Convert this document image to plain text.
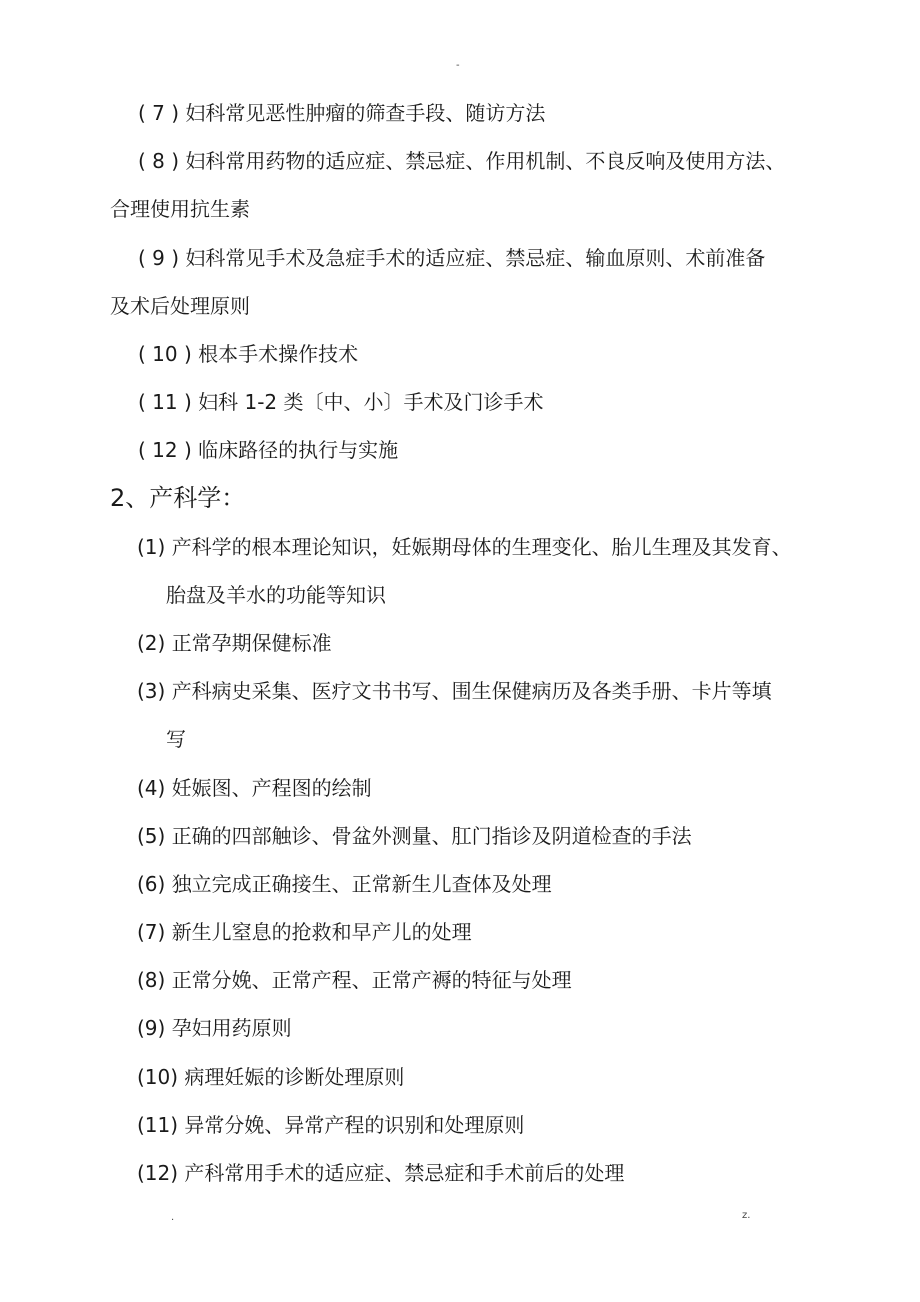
-
( 7 ) 妇科常见恶性肿瘤的筛查手段、随访方法
( 8 ) 妇科常用药物的适应症、禁忌症、作用机制、不良反响及使用方法、
合理使用抗生素
( 9 ) 妇科常见手术及急症手术的适应症、禁忌症、输血原则、术前准备
及术后处理原则
( 10 ) 根本手术操作技术
( 11 ) 妇科 1-2 类〔中、小〕手术及门诊手术
( 12 ) 临床路径的执行与实施
2、产科学：
(1) 产科学的根本理论知识，妊娠期母体的生理变化、胎儿生理及其发育、
胎盘及羊水的功能等知识
(2) 正常孕期保健标准
(3) 产科病史采集、医疗文书书写、围生保健病历及各类手册、卡片等填
写
(4) 妊娠图、产程图的绘制
(5) 正确的四部触诊、骨盆外测量、肛门指诊及阴道检查的手法
(6) 独立完成正确接生、正常新生儿查体及处理
(7) 新生儿窒息的抢救和早产儿的处理
(8) 正常分娩、正常产程、正常产褥的特征与处理
(9) 孕妇用药原则
(10) 病理妊娠的诊断处理原则
(11) 异常分娩、异常产程的识别和处理原则
(12) 产科常用手术的适应症、禁忌症和手术前后的处理
.	z.
